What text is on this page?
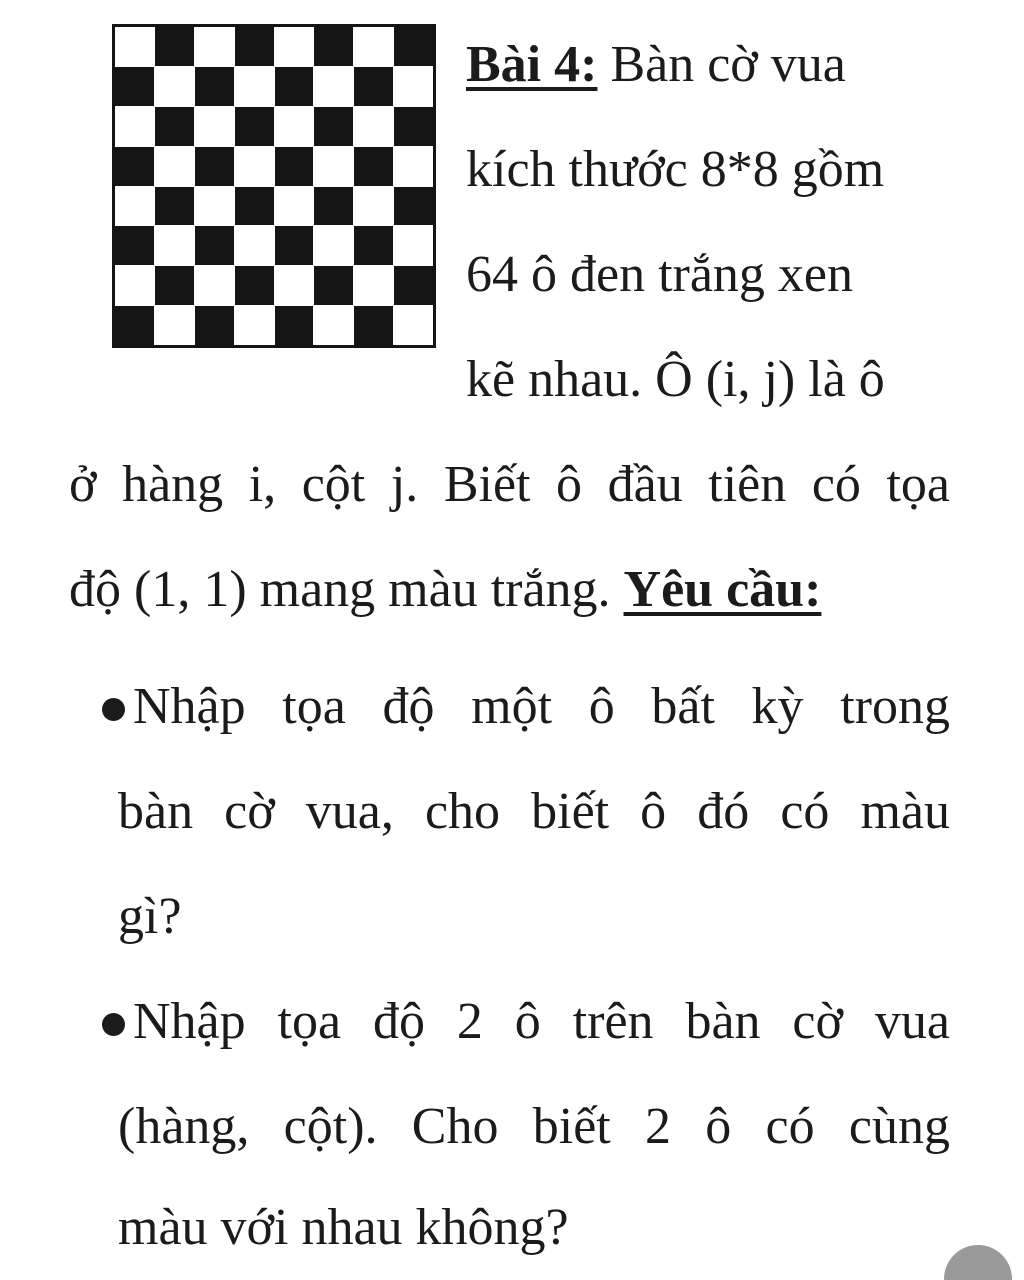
Bài 4: Bàn cờ vua
kích thước 8*8 gồm
64 ô đen trắng xen
kẽ nhau. Ô (i, j) là ô
ở hàng i, cột j. Biết ô đầu tiên có tọa
độ (1, 1) mang màu trắng. Yêu cầu:
Nhập tọa độ một ô bất kỳ trong
bàn cờ vua, cho biết ô đó có màu
gì?
Nhập tọa độ 2 ô trên bàn cờ vua
(hàng, cột). Cho biết 2 ô có cùng
màu với nhau không?
